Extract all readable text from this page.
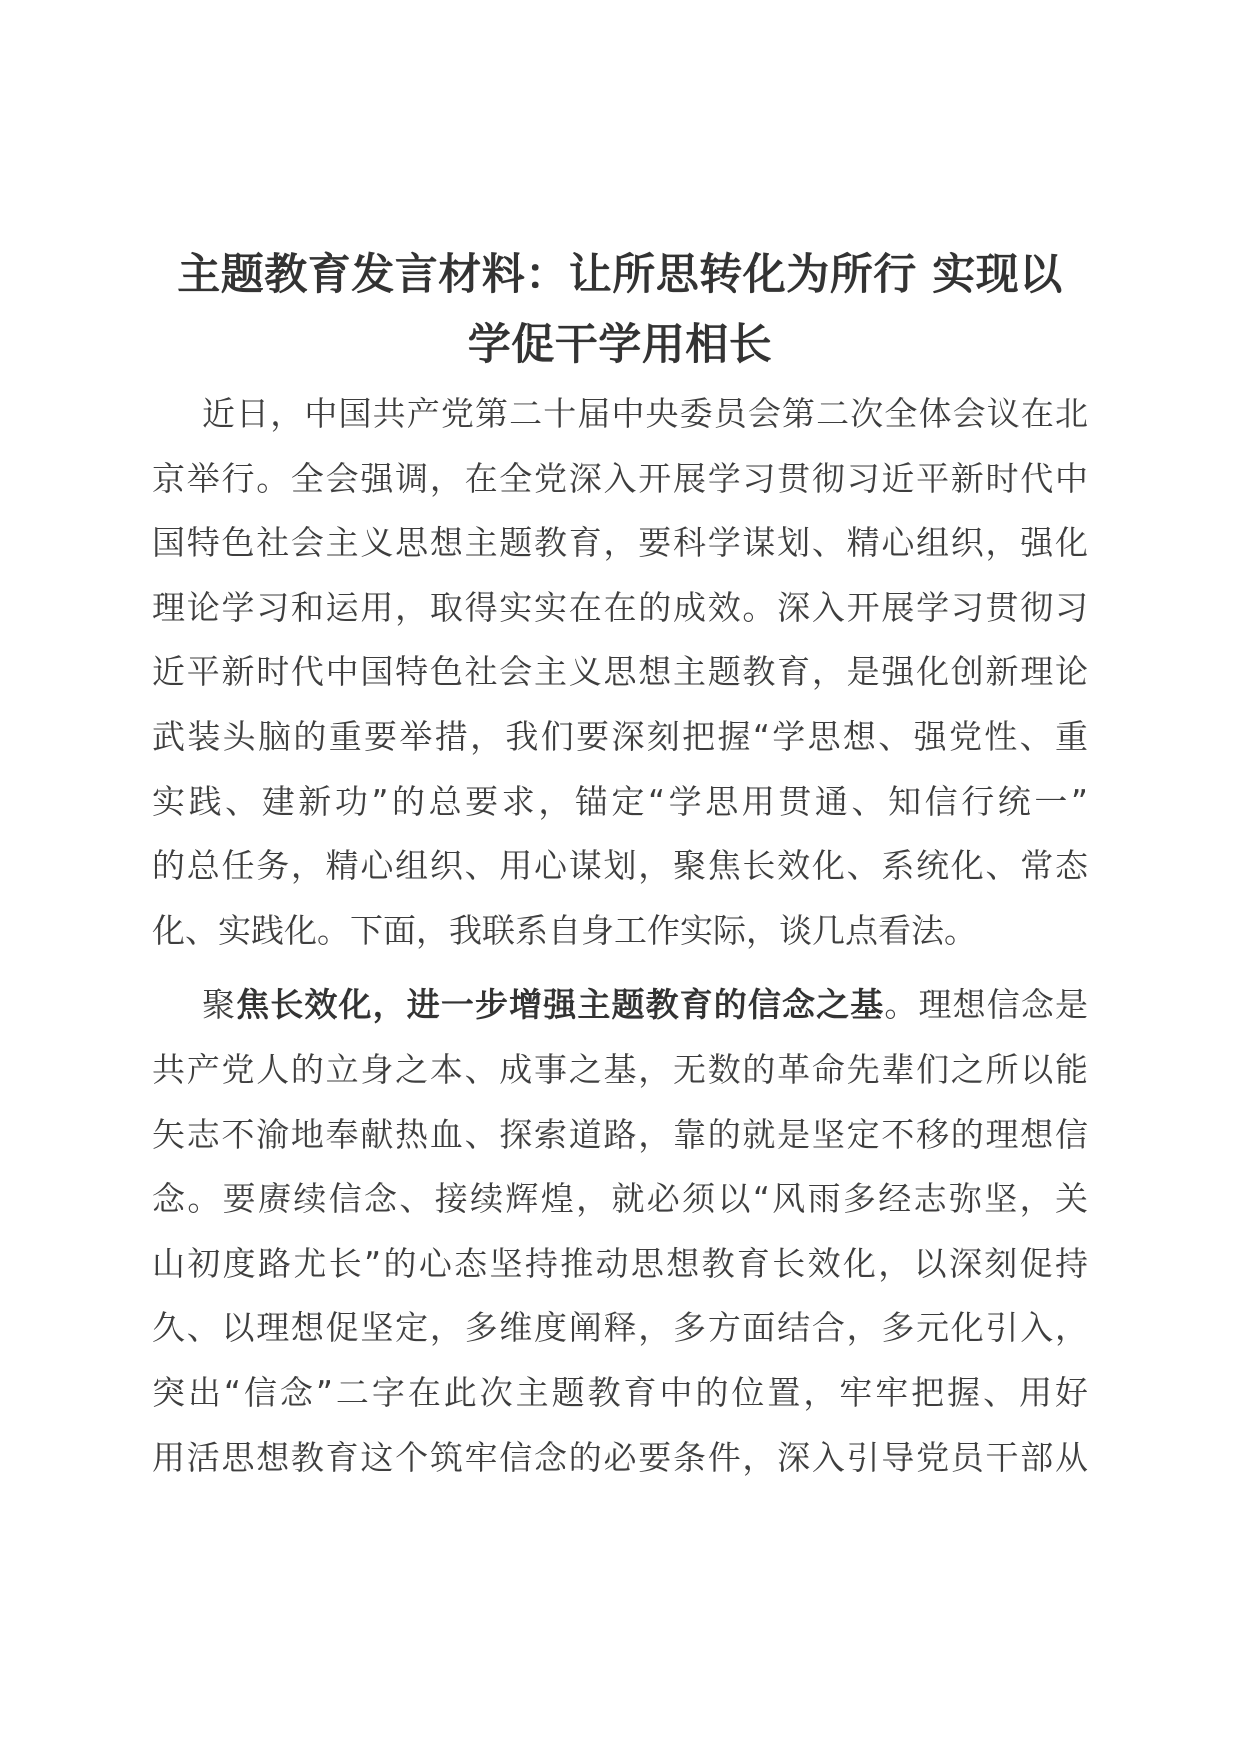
主题教育发言材料：让所思转化为所行 实现以
学促干学用相长

近日，中国共产党第二十届中央委员会第二次全体会议在北
京举行。全会强调，在全党深入开展学习贯彻习近平新时代中
国特色社会主义思想主题教育，要科学谋划、精心组织，强化
理论学习和运用，取得实实在在的成效。深入开展学习贯彻习
近平新时代中国特色社会主义思想主题教育，是强化创新理论
武装头脑的重要举措，我们要深刻把握“学思想、强党性、重
实践、建新功”的总要求，锚定“学思用贯通、知信行统一”
的总任务，精心组织、用心谋划，聚焦长效化、系统化、常态
化、实践化。下面，我联系自身工作实际，谈几点看法。

聚焦长效化，进一步增强主题教育的信念之基。理想信念是
共产党人的立身之本、成事之基，无数的革命先辈们之所以能
矢志不渝地奉献热血、探索道路，靠的就是坚定不移的理想信
念。要赓续信念、接续辉煌，就必须以“风雨多经志弥坚，关
山初度路尤长”的心态坚持推动思想教育长效化，以深刻促持
久、以理想促坚定，多维度阐释，多方面结合，多元化引入，
突出“信念”二字在此次主题教育中的位置，牢牢把握、用好
用活思想教育这个筑牢信念的必要条件，深入引导党员干部从
